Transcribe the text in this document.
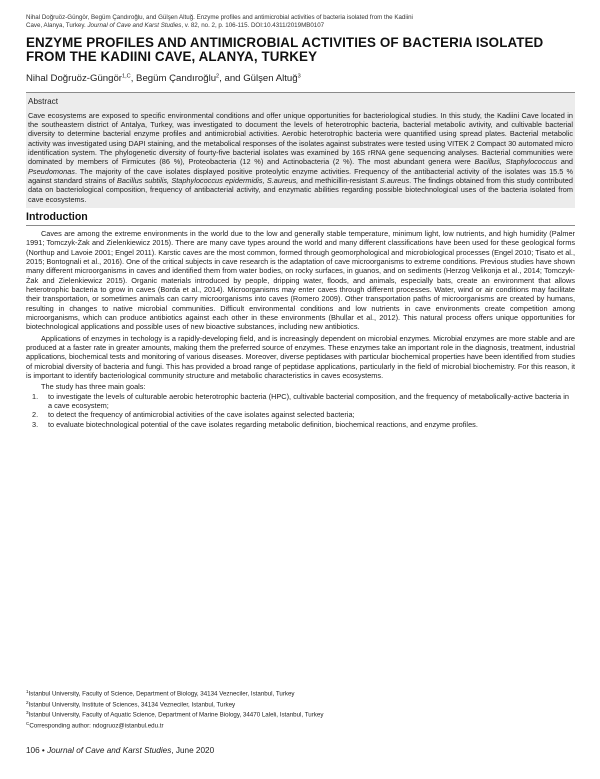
Nihal Doğruöz-Güngör, Begüm Çandıroğlu, and Gülşen Altuğ. Enzyme profiles and antimicrobial activities of bacteria isolated from the Kadiini
Cave, Alanya, Turkey. Journal of Cave and Karst Studies, v. 82, no. 2, p. 106-115. DOI:10.4311/2019MB0107
ENZYME PROFILES AND ANTIMICROBIAL ACTIVITIES OF BACTERIA ISOLATED FROM THE KADIINI CAVE, ALANYA, TURKEY
Nihal Doğruöz-Güngör$^{1,C}$, Begüm Çandıroğlu$^2$, and Gülşen Altuğ$^3$
Abstract
Cave ecosystems are exposed to specific environmental conditions and offer unique opportunities for bacteriological studies. In this study, the Kadiini Cave located in the southeastern district of Antalya, Turkey, was investigated to document the levels of heterotrophic bacteria, bacterial metabolic avtivity, and cultivable bacterial diversity to determine bacterial enzyme profiles and antimicrobial activities. Aerobic heterotrophic bacteria were quantified using spread plates. Bacterial metabolic activity was investigated using DAPI staining, and the metabolical responses of the isolates against substrates were tested using VITEK 2 Compact 30 automated micro identification system. The phylogenetic diversity of fourty-five bacterial isolates was examined by 16S rRNA gene sequencing analyses. Bacterial communities were dominated by members of Firmicutes (86 %), Proteobacteria (12 %) and Actinobacteria (2 %). The most abundant genera were Bacillus, Staphylococcus and Pseudomonas. The majority of the cave isolates displayed positive proteolytic enzyme activities. Frequency of the antibacterial activity of the isolates was 15.5 % against standard strains of Bacillus subtilis, Staphylococcus epidermidis, S.aureus, and methicillin-resistant S.aureus. The findings obtained from this study contributed data on bacteriological composition, frequency of antibacterial activity, and enzymatic abilities regarding possible biotechnological uses of the bacteria isolated from cave ecosystems.
Introduction

Caves are among the extreme environments in the world due to the low and generally stable temperature, minimum light, low nutrients, and high humidity (Palmer 1991; Tomczyk-Żak and Zielenkiewicz 2015). There are many cave types around the world and many different classifications have been used for these geological forms (Northup and Lavoie 2001; Engel 2011). Karstic caves are the most common, formed through geomorphological and microbiological processes (Engel 2010; Tisato et al., 2015; Bontognali et al., 2016). One of the critical subjects in cave research is the adaptation of cave microorganisms to extreme conditions. Previous studies have shown many different microorganisms in caves and identified them from water bodies, on rocky surfaces, in guanos, and on sediments (Herzog Velikonja et al., 2014; Tomczyk-Żak and Zielenkiewicz 2015). Organic materials introduced by people, dripping water, floods, and animals, especially bats, create an environment that allows heterotrophic bacteria to grow in caves (Borda et al., 2014). Microorganisms may enter caves through different processes. Water, wind or air conditions may facilitate their transportation, or sometimes animals can carry microorganisms into caves (Romero 2009). Other transportation paths of microorganisms are created by humans, resulting in changes to native microbial communities. Difficult environmental conditions and low nutrients in cave environments create competition among microorganisms, which can produce antibiotics against each other in these environments (Bhullar et al., 2012). This natural process offers unique opportunities for biotechnological applications and possible uses of new bioactive substances, including new antibiotics.

Applications of enzymes in techology is a rapidly-developing field, and is increasingly dependent on microbial enzymes. Microbial enzymes are more stable and are produced at a faster rate in greater amounts, making them the preferred source of enzymes. These enzymes take an important role in the diagnosis, treatment, industrial applications, biochemical tests and monitoring of various diseases. Moreover, diverse peptidases with particular biochemical properties have been identified from studies of microbial diversity of bacteria and fungi. This has provided a broad range of peptidase applications, particularly in the field of microbial biochemistry. For this reason, it is important to identify bacteriological community structure and metabolic characteristics in caves ecosystems.

The study has three main goals:

1. to investigate the levels of culturable aerobic heterotrophic bacteria (HPC), cultivable bacterial composition, and the frequency of metabolically-active bacteria in a cave ecosystem;
2. to detect the frequency of antimicrobial activities of the cave isolates against selected bacteria;
3. to evaluate biotechnological potential of the cave isolates regarding metabolic definition, biochemical reactions, and enzyme profiles.
$^1$Istanbul University, Faculty of Science, Department of Biology, 34134 Vezneciler, Istanbul, Turkey
$^2$Istanbul University, Institute of Sciences, 34134 Vezneciler, Istanbul, Turkey
$^3$Istanbul University, Faculty of Aquatic Science, Department of Marine Biology, 34470 Laleli, Istanbul, Turkey
$^C$Corresponding author: ndogruoz@istanbul.edu.tr
106 • Journal of Cave and Karst Studies, June 2020
